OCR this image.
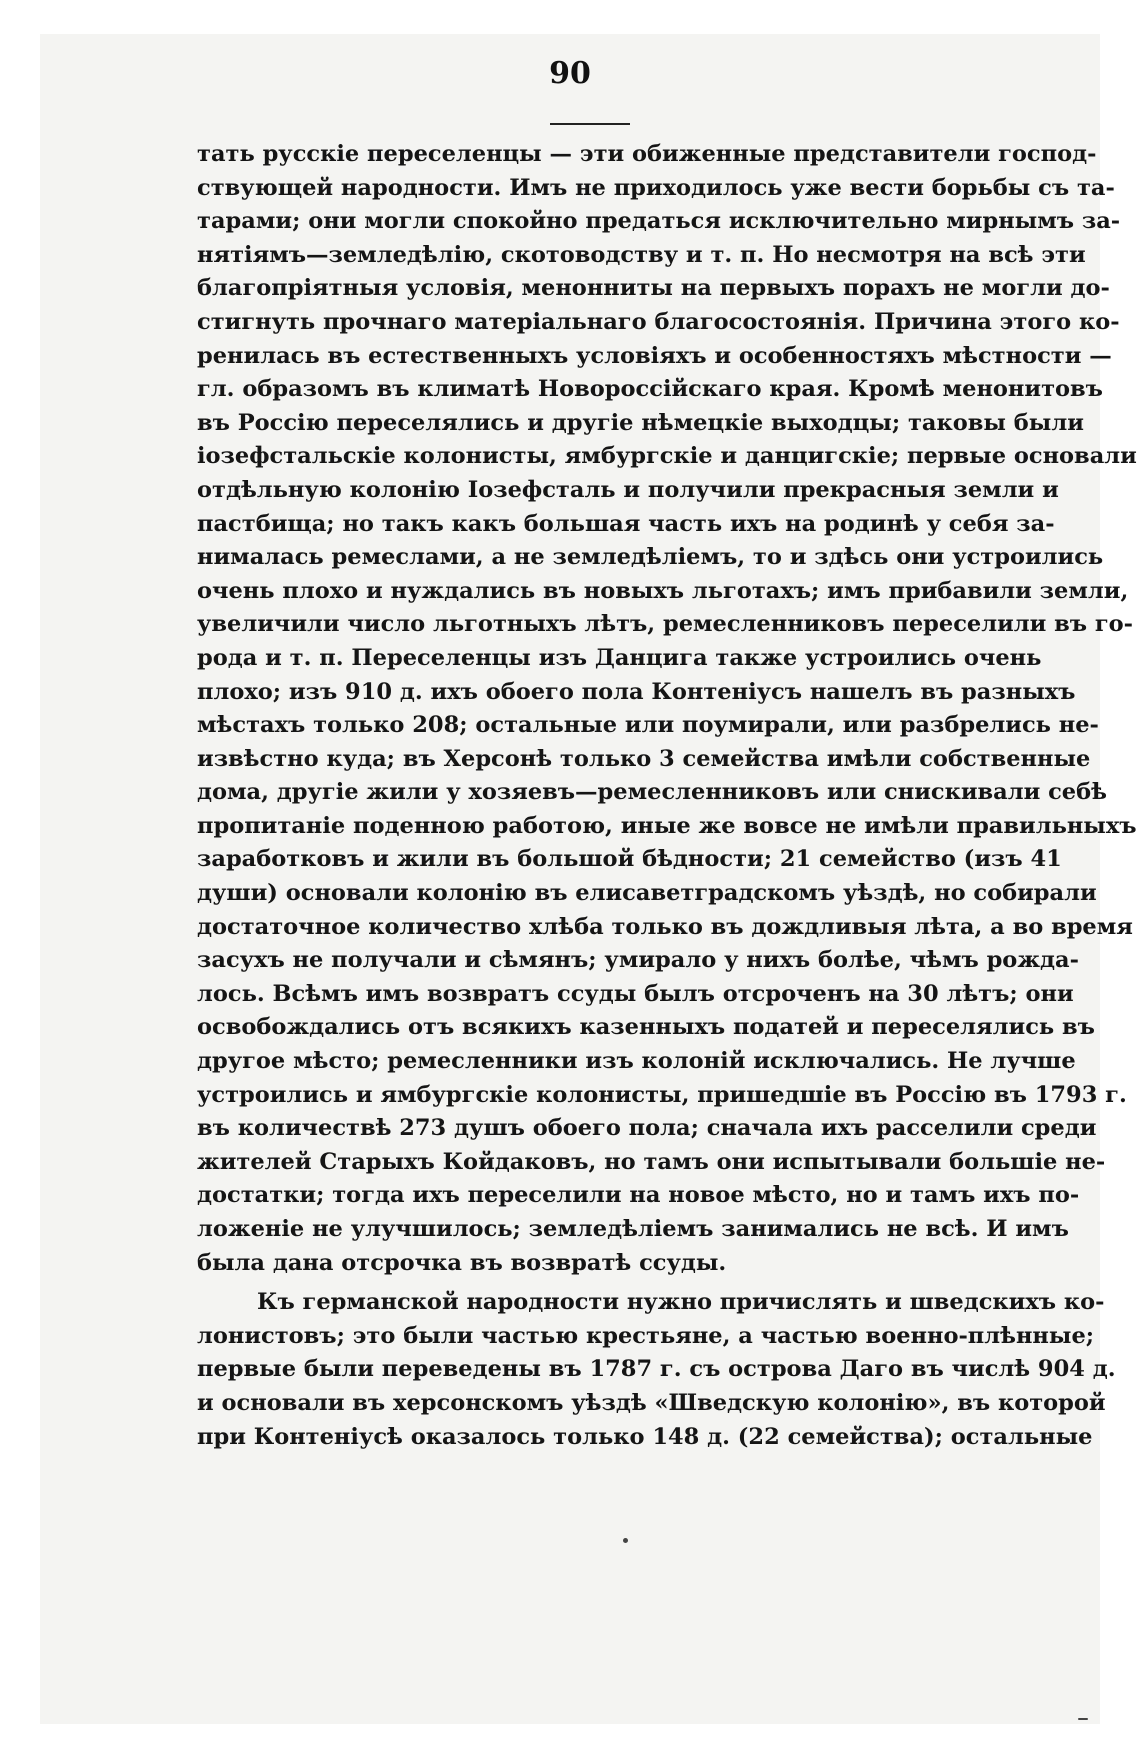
90
тать русскіе переселенцы — эти обиженные представители господ-
ствующей народности. Имъ не приходилось уже вести борьбы съ та-
тарами; они могли спокойно предаться исключительно мирнымъ за-
нятіямъ—земледѣлію, скотоводству и т. п. Но несмотря на всѣ эти
благопріятныя условія, менонниты на первыхъ порахъ не могли до-
стигнуть прочнаго матеріальнаго благосостоянія. Причина этого ко-
ренилась въ естественныхъ условіяхъ и особенностяхъ мѣстности —
гл. образомъ въ климатѣ Новороссійскаго края. Кромѣ менонитовъ
въ Россію переселялись и другіе нѣмецкіе выходцы; таковы были
іозефстальскіе колонисты, ямбургскіе и данцигскіе; первые основали
отдѣльную колонію Іозефсталь и получили прекрасныя земли и
пастбища; но такъ какъ большая часть ихъ на родинѣ у себя за-
нималась ремеслами, а не земледѣліемъ, то и здѣсь они устроились
очень плохо и нуждались въ новыхъ льготахъ; имъ прибавили земли,
увеличили число льготныхъ лѣтъ, ремесленниковъ переселили въ го-
рода и т. п. Переселенцы изъ Данцига также устроились очень
плохо; изъ 910 д. ихъ обоего пола Контеніусъ нашелъ въ разныхъ
мѣстахъ только 208; остальные или поумирали, или разбрелись не-
извѣстно куда; въ Херсонѣ только 3 семейства имѣли собственные
дома, другіе жили у хозяевъ—ремесленниковъ или снискивали себѣ
пропитаніе поденною работою, иные же вовсе не имѣли правильныхъ
заработковъ и жили въ большой бѣдности; 21 семейство (изъ 41
души) основали колонію въ елисаветградскомъ уѣздѣ, но собирали
достаточное количество хлѣба только въ дождливыя лѣта, а во время
засухъ не получали и сѣмянъ; умирало у нихъ болѣе, чѣмъ рожда-
лось. Всѣмъ имъ возвратъ ссуды былъ отсроченъ на 30 лѣтъ; они
освобождались отъ всякихъ казенныхъ податей и переселялись въ
другое мѣсто; ремесленники изъ колоній исключались. Не лучше
устроились и ямбургскіе колонисты, пришедшіе въ Россію въ 1793 г.
въ количествѣ 273 душъ обоего пола; сначала ихъ расселили среди
жителей Старыхъ Койдаковъ, но тамъ они испытывали большіе не-
достатки; тогда ихъ переселили на новое мѣсто, но и тамъ ихъ по-
ложеніе не улучшилось; земледѣліемъ занимались не всѣ. И имъ
была дана отсрочка въ возвратѣ ссуды.
Къ германской народности нужно причислять и шведскихъ ко-
лонистовъ; это были частью крестьяне, а частью военно-плѣнные;
первые были переведены въ 1787 г. съ острова Даго въ числѣ 904 д.
и основали въ херсонскомъ уѣздѣ «Шведскую колонію», въ которой
при Контеніусѣ оказалось только 148 д. (22 семейства); остальные
